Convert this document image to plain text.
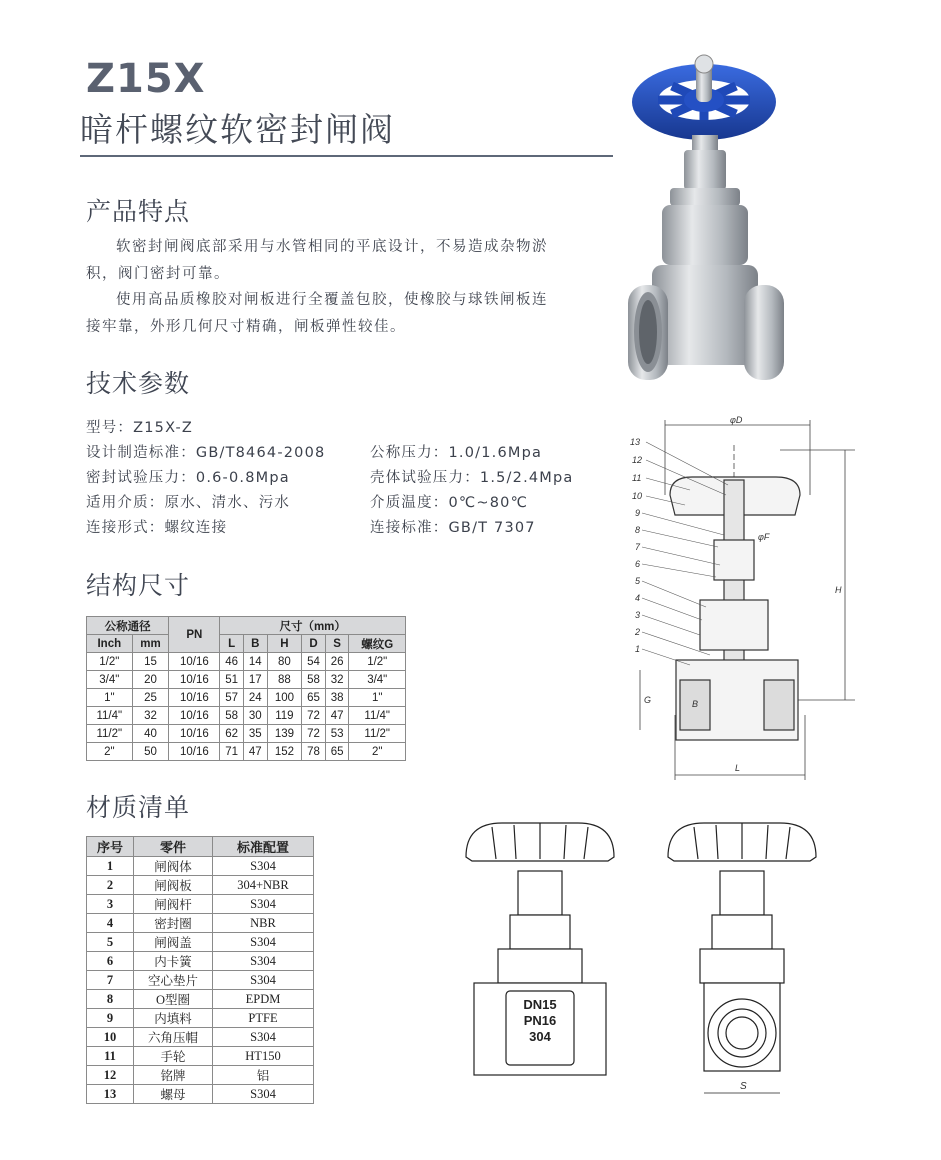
Z15X
暗杆螺纹软密封闸阀
产品特点
软密封闸阀底部采用与水管相同的平底设计，不易造成杂物淤积，阀门密封可靠。
使用高品质橡胶对闸板进行全覆盖包胶，使橡胶与球铁闸板连接牢靠，外形几何尺寸精确，闸板弹性较佳。
技术参数
型号：Z15X-Z
设计制造标准：GB/T8464-2008
密封试验压力：0.6-0.8Mpa
适用介质：原水、清水、污水
连接形式：螺纹连接
公称压力：1.0/1.6Mpa
壳体试验压力：1.5/2.4Mpa
介质温度：0℃~80℃
连接标准：GB/T 7307
结构尺寸
公称通径		PN	尺寸（mm）					
Inch	mm		L	B	H	D	S	螺纹G
1/2"	15	10/16	46	14	80	54	26	1/2"
3/4"	20	10/16	51	17	88	58	32	3/4"
1"	25	10/16	57	24	100	65	38	1"
11/4"	32	10/16	58	30	119	72	47	11/4"
11/2"	40	10/16	62	35	139	72	53	11/2"
2"	50	10/16	71	47	152	78	65	2"
材质清单
序号	零件	标准配置
1	闸阀体	S304
2	闸阀板	304+NBR
3	闸阀杆	S304
4	密封圈	NBR
5	闸阀盖	S304
6	内卡簧	S304
7	空心垫片	S304
8	O型圈	EPDM
9	内填料	PTFE
10	六角压帽	S304
11	手轮	HT150
12	铭牌	铝
13	螺母	S304
13
12
11
10
9
8
7
6
5
4
3
2
1
φD
φF
H
L
G	B
DN15
PN16
304
S
